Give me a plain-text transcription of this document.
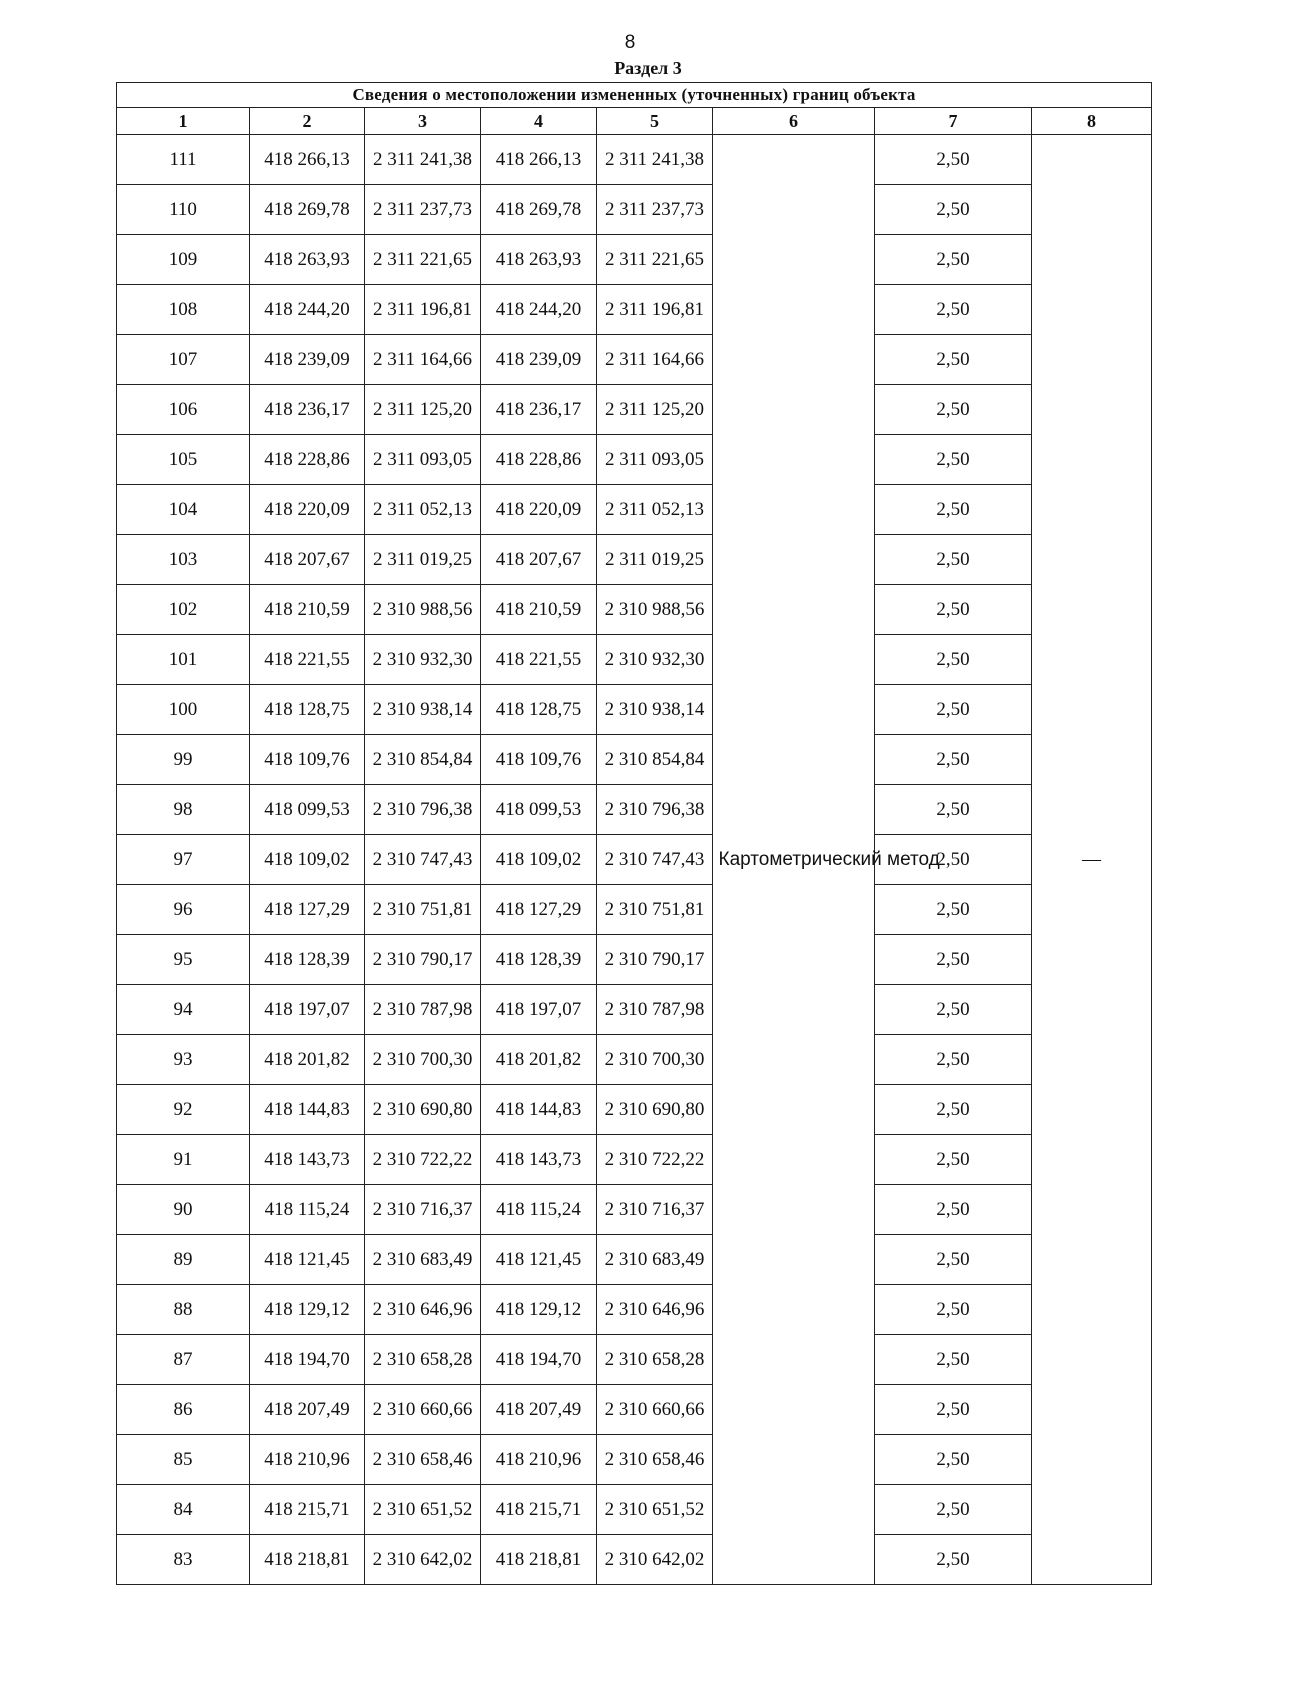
8
Раздел 3
Сведения о местоположении измененных (уточненных) границ объекта							
1	2	3	4	5	6	7	8
111	418 266,13	2 311 241,38	418 266,13	2 311 241,38	Картометрический метод	2,50	—
110	418 269,78	2 311 237,73	418 269,78	2 311 237,73		2,50	
109	418 263,93	2 311 221,65	418 263,93	2 311 221,65		2,50	
108	418 244,20	2 311 196,81	418 244,20	2 311 196,81		2,50	
107	418 239,09	2 311 164,66	418 239,09	2 311 164,66		2,50	
106	418 236,17	2 311 125,20	418 236,17	2 311 125,20		2,50	
105	418 228,86	2 311 093,05	418 228,86	2 311 093,05		2,50	
104	418 220,09	2 311 052,13	418 220,09	2 311 052,13		2,50	
103	418 207,67	2 311 019,25	418 207,67	2 311 019,25		2,50	
102	418 210,59	2 310 988,56	418 210,59	2 310 988,56		2,50	
101	418 221,55	2 310 932,30	418 221,55	2 310 932,30		2,50	
100	418 128,75	2 310 938,14	418 128,75	2 310 938,14		2,50	
99	418 109,76	2 310 854,84	418 109,76	2 310 854,84		2,50	
98	418 099,53	2 310 796,38	418 099,53	2 310 796,38		2,50	
97	418 109,02	2 310 747,43	418 109,02	2 310 747,43		2,50	
96	418 127,29	2 310 751,81	418 127,29	2 310 751,81		2,50	
95	418 128,39	2 310 790,17	418 128,39	2 310 790,17		2,50	
94	418 197,07	2 310 787,98	418 197,07	2 310 787,98		2,50	
93	418 201,82	2 310 700,30	418 201,82	2 310 700,30		2,50	
92	418 144,83	2 310 690,80	418 144,83	2 310 690,80		2,50	
91	418 143,73	2 310 722,22	418 143,73	2 310 722,22		2,50	
90	418 115,24	2 310 716,37	418 115,24	2 310 716,37		2,50	
89	418 121,45	2 310 683,49	418 121,45	2 310 683,49		2,50	
88	418 129,12	2 310 646,96	418 129,12	2 310 646,96		2,50	
87	418 194,70	2 310 658,28	418 194,70	2 310 658,28		2,50	
86	418 207,49	2 310 660,66	418 207,49	2 310 660,66		2,50	
85	418 210,96	2 310 658,46	418 210,96	2 310 658,46		2,50	
84	418 215,71	2 310 651,52	418 215,71	2 310 651,52		2,50	
83	418 218,81	2 310 642,02	418 218,81	2 310 642,02		2,50	
